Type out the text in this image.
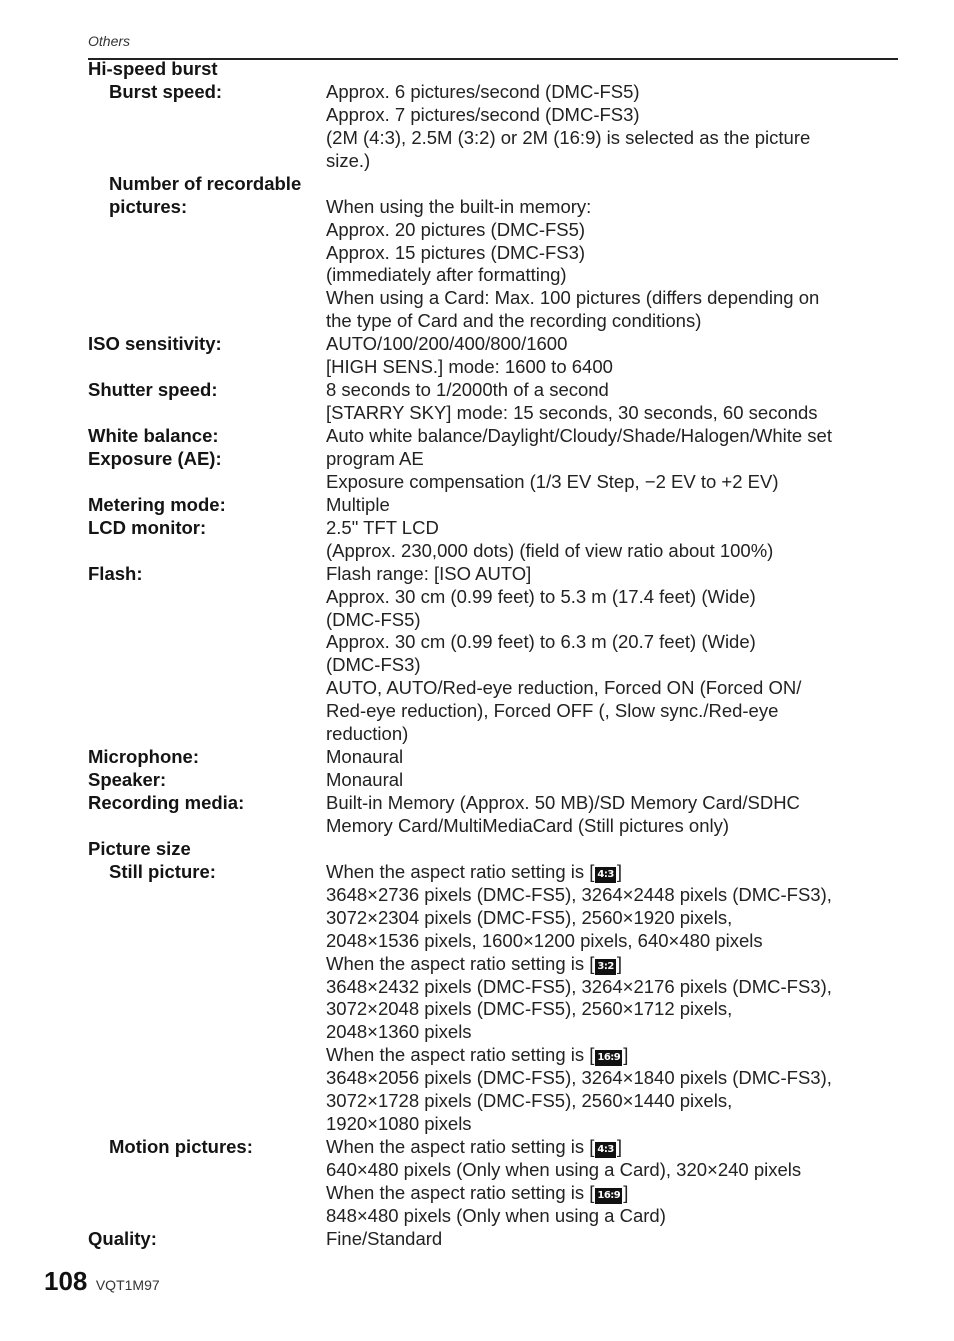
Others
Hi-speed burst
Burst speed:	Approx. 6 pictures/second (DMC-FS5)
Approx. 7 pictures/second (DMC-FS3)
(2M (4:3), 2.5M (3:2) or 2M (16:9) is selected as the picture
size.)
Number of recordable
pictures:	When using the built-in memory:
Approx. 20 pictures (DMC-FS5)
Approx. 15 pictures (DMC-FS3)
(immediately after formatting)
When using a Card: Max. 100 pictures (differs depending on
the type of Card and the recording conditions)
ISO sensitivity:	AUTO/100/200/400/800/1600
[HIGH SENS.] mode: 1600 to 6400
Shutter speed:	8 seconds to 1/2000th of a second
[STARRY SKY] mode: 15 seconds, 30 seconds, 60 seconds
White balance:	Auto white balance/Daylight/Cloudy/Shade/Halogen/White set
Exposure (AE):	program AE
Exposure compensation (1/3 EV Step, −2 EV to +2 EV)
Metering mode:	Multiple
LCD monitor:	2.5" TFT LCD
(Approx. 230,000 dots) (field of view ratio about 100%)
Flash:	Flash range: [ISO AUTO]
Approx. 30 cm (0.99 feet) to 5.3 m (17.4 feet) (Wide)
(DMC-FS5)
Approx. 30 cm (0.99 feet) to 6.3 m (20.7 feet) (Wide)
(DMC-FS3)
AUTO, AUTO/Red-eye reduction, Forced ON (Forced ON/
Red-eye reduction), Forced OFF (, Slow sync./Red-eye
reduction)
Microphone:	Monaural
Speaker:	Monaural
Recording media:	Built-in Memory (Approx. 50 MB)/SD Memory Card/SDHC
Memory Card/MultiMediaCard (Still pictures only)
Picture size
Still picture:	When the aspect ratio setting is [ 4:3 ]
3648×2736 pixels (DMC-FS5), 3264×2448 pixels (DMC-FS3),
3072×2304 pixels (DMC-FS5), 2560×1920 pixels,
2048×1536 pixels, 1600×1200 pixels, 640×480 pixels
When the aspect ratio setting is [ 3:2 ]
3648×2432 pixels (DMC-FS5), 3264×2176 pixels (DMC-FS3),
3072×2048 pixels (DMC-FS5), 2560×1712 pixels,
2048×1360 pixels
When the aspect ratio setting is [ 16:9 ]
3648×2056 pixels (DMC-FS5), 3264×1840 pixels (DMC-FS3),
3072×1728 pixels (DMC-FS5), 2560×1440 pixels,
1920×1080 pixels
Motion pictures:	When the aspect ratio setting is [ 4:3 ]
640×480 pixels (Only when using a Card), 320×240 pixels
When the aspect ratio setting is [ 16:9 ]
848×480 pixels (Only when using a Card)
Quality:	Fine/Standard
108 VQT1M97
